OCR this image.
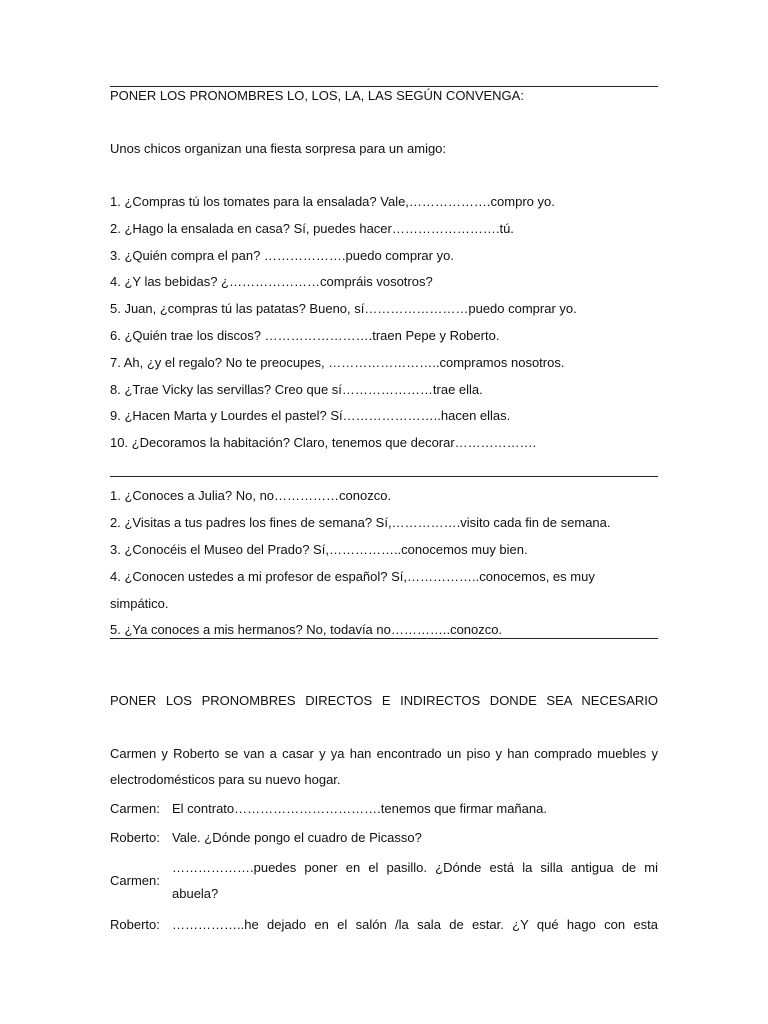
PONER LOS PRONOMBRES LO, LOS, LA, LAS SEGÚN CONVENGA:
Unos chicos organizan una fiesta sorpresa para un amigo:
1. ¿Compras tú los tomates para la ensalada? Vale,……………….compro yo.
2. ¿Hago la ensalada en casa? Sí, puedes hacer…………………….tú.
3. ¿Quién compra el pan? ……………….puedo comprar yo.
4. ¿Y las bebidas? ¿…………………compráis vosotros?
5. Juan, ¿compras tú las patatas? Bueno, sí……………………puedo comprar yo.
6. ¿Quién trae los discos? …………………….traen Pepe y Roberto.
7. Ah, ¿y el regalo? No te preocupes, ……………………..compramos nosotros.
8. ¿Trae Vicky las servillas? Creo que sí…………………trae ella.
9. ¿Hacen Marta y Lourdes el pastel? Sí…………………..hacen ellas.
10. ¿Decoramos la habitación? Claro, tenemos que decorar……………….
1. ¿Conoces a Julia? No, no……………conozco.
2. ¿Visitas a tus padres los fines de semana? Sí,…………….visito cada fin de semana.
3. ¿Conocéis el Museo del Prado? Sí,……………..conocemos muy bien.
4. ¿Conocen ustedes a mi profesor de español? Sí,……………..conocemos, es muy
simpático.
5. ¿Ya conoces a mis hermanos? No, todavía no…………..conozco.
PONER LOS PRONOMBRES DIRECTOS E INDIRECTOS DONDE SEA NECESARIO
Carmen y Roberto se van a casar y ya han encontrado un piso y han comprado muebles y electrodomésticos para su nuevo hogar.
Carmen: El contrato…………………………….tenemos que firmar mañana.
Roberto: Vale. ¿Dónde pongo el cuadro de Picasso?
Carmen:
……………….puedes poner en el pasillo. ¿Dónde está la silla antigua de mi abuela?
Roberto: ……………..he dejado en el salón /la sala de estar. ¿Y qué hago con esta
